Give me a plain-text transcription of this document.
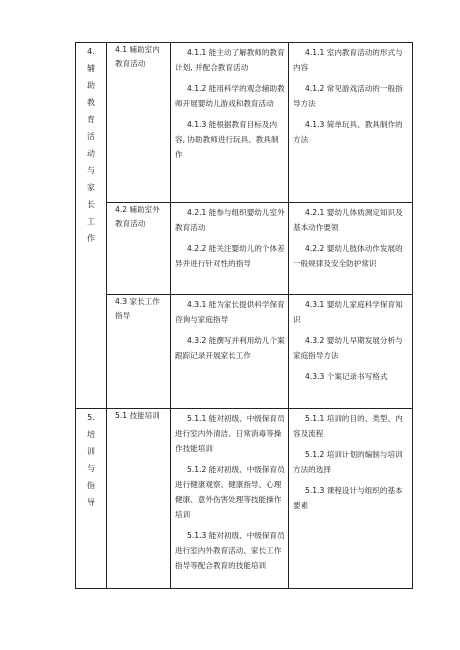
4.辅助教育活动与家长工作	4.1 辅助室内教育活动	4.1.1 能主动了解教师的教育计划, 并配合教育活动
4.1.2 能用科学的观念辅助教师开展婴幼儿游戏和教育活动
4.1.3 能根据教育目标及内容, 协助教师进行玩具、教具制作	4.1.1 室内教育活动的形式与内容
4.1.2 常见游戏活动的一般指导方法
4.1.3 简单玩具、教具制作的方法

	4.2 辅助室外教育活动	4.2.1 能参与组织婴幼儿室外教育活动
4.2.2 能关注婴幼儿的个体差异并进行针对性的指导	4.2.1 婴幼儿体质测定知识及基本动作要领
4.2.2 婴幼儿肢体动作发展的一般规律及安全防护常识

	4.3 家长工作指导	4.3.1 能为家长提供科学保育咨询与家庭指导
4.3.2 能撰写并利用幼儿个案跟踪记录开展家长工作	4.3.1 婴幼儿家庭科学保育知识
4.3.2 婴幼儿早期发展分析与家庭指导方法
4.3.3 个案记录书写格式

5.培训与指导	5.1 技能培训	5.1.1 能对初级、中级保育员进行室内外清洁、日常消毒等操作技能培训
5.1.2 能对初级、中级保育员进行健康观察、健康指导、心理健康、意外伤害处理等技能操作培训
5.1.3 能对初级、中级保育员进行室内外教育活动、家长工作指导等配合教育的技能培训	5.1.1 培训的目的、类型、内容及流程
5.1.2 培训计划的编制与培训方法的选择
5.1.3 课程设计与组织的基本要素
